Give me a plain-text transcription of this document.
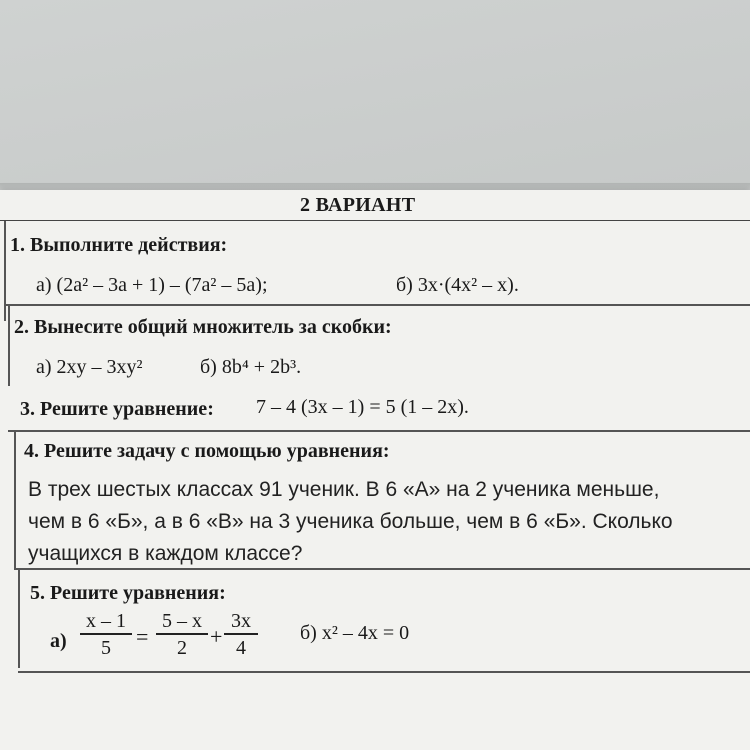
2 ВАРИАНТ
1. Выполните действия:
а) (2a² – 3a + 1) – (7a² – 5a);	б) 3x·(4x² – x).
2. Вынесите общий множитель за скобки:
а) 2xy – 3xy²	б) 8b⁴ + 2b³.
3. Решите уравнение: 7 – 4 (3x – 1) = 5 (1 – 2x).
4. Решите задачу с помощью уравнения:
В трех шестых классах 91 ученик. В 6 «А» на 2 ученика меньше,
чем в 6 «Б», а в 6 «В» на 3 ученика больше, чем в 6 «Б». Сколько
учащихся в каждом классе?
5. Решите уравнения:
а)
x – 1
5	=
5 – x
2	+
3x
4
б) x² – 4x = 0
